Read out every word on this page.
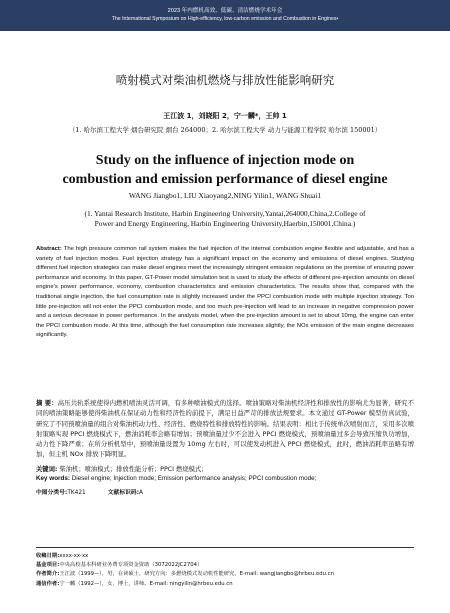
2023 年内燃机高效、低碳、清洁燃烧学术年会
The International Symposium on High-efficiency, low-carbon emission and Combustion in Engines•
喷射模式对柴油机燃烧与排放性能影响研究
王江波 1，刘晓阳 2，宁一麟*，王帅 1
（1. 哈尔滨工程大学 烟台研究院 烟台 264000；2. 哈尔滨工程大学 动力与能源工程学院 哈尔滨 150001）
Study on the influence of injection mode on
combustion and emission performance of diesel engine
WANG Jiangbo1, LIU Xiaoyang2,NING Yilin1, WANG Shuai1
(1. Yantai Research Institute, Harbin Engineering University,Yantai,264000,China,2.College of
Power and Energy Engineering, Harbin Engineering University,Haerbin,150001,China.)
Abstract: The high pressure common rail system makes the fuel injection of the internal combustion engine flexible and adjustable, and has a variety of fuel injection modes. Fuel injection strategy has a significant impact on the economy and emissions of diesel engines. Studying different fuel injection strategies can make diesel engines meet the increasingly stringent emission regulations on the premise of ensuring power performance and economy. In this paper, GT-Power model simulation test is used to study the effects of different pre-injection amounts on diesel engine's power performance, economy, combustion characteristics and emission characteristics. The results show that, compared with the traditional single injection, the fuel consumption rate is slightly increased under the PPCI combustion mode with multiple injection strategy. Too little pre-injection will not enter the PPCI combustion mode, and too much pre-injection will lead to an increase in negative compression power and a serious decrease in power performance. In the analysis model, when the pre-injection amount is set to about 10mg, the engine can enter the PPCI combustion mode. At this time, although the fuel consumption rate increases slightly, the NOx emission of the main engine decreases significantly.
摘 要：高压共轨系统使得内燃机喷油灵活可调，有多种喷油模式的选择。喷油策略对柴油机经济性和排放性的影响尤为显著，研究不同的喷油策略能够使得柴油机在保证动力性和经济性的前提下，满足日益严苛的排放法规要求。本文通过 GT-Power 模型仿真试验，研究了不同预喷油量的组合对柴油机动力性、经济性、燃烧特性和排放特性的影响。结果表明：相比于传统单次喷射而言，采用多次喷射策略实现 PPCI 燃烧模式下，燃油消耗率会略有增加；预喷油量过少不会进入 PPCI 燃烧模式，预喷油量过多会导致压缩负功增加，动力性下降严重；在所分析机型中，预喷油量设置为 10mg 左右时，可以使发动机进入 PPCI 燃烧模式，此时，燃油消耗率虽略有增加，但主机 NOx 排放下降明显。
关键词: 柴油机；喷油模式；排放性能分析；PPCI 燃烧模式；
Key words: Diesel engine; Injection mode; Emission performance analysis; PPCI combustion mode;
中图分类号:TK421	文献标识码:A
收稿日期:xxxx-xx-xx
基金项目:中央高校基本科研业务费专项资金资助（3072022JC2704）
作者简介:王江波（1999—），男，在读硕士，研究方向：多燃烧模式发动机性能研究。E-mail: wangjiangbo@hrbeu.edu.cn
通信作者:宁一麟（1992—），女，博士，讲师。E-mail: ningyilin@hrbeu.edu.cn
